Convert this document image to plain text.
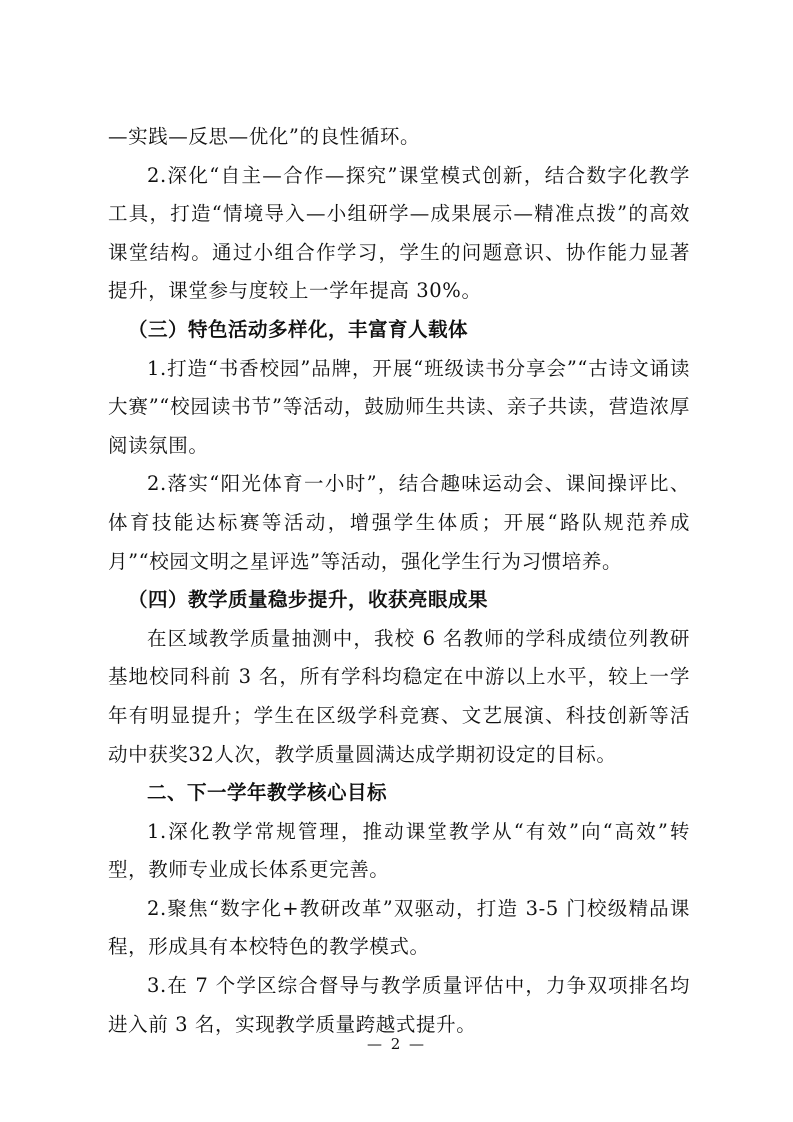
—实践—反思—优化”的良性循环。

2.深化“自主—合作—探究”课堂模式创新，结合数字化教学工具，打造“情境导入—小组研学—成果展示—精准点拨”的高效课堂结构。通过小组合作学习，学生的问题意识、协作能力显著提升，课堂参与度较上一学年提高 30%。

（三）特色活动多样化，丰富育人载体

1.打造“书香校园”品牌，开展“班级读书分享会”“古诗文诵读大赛”“校园读书节”等活动，鼓励师生共读、亲子共读，营造浓厚阅读氛围。

2.落实“阳光体育一小时”，结合趣味运动会、课间操评比、体育技能达标赛等活动，增强学生体质；开展“路队规范养成月”“校园文明之星评选”等活动，强化学生行为习惯培养。

（四）教学质量稳步提升，收获亮眼成果

在区域教学质量抽测中，我校 6 名教师的学科成绩位列教研基地校同科前 3 名，所有学科均稳定在中游以上水平，较上一学年有明显提升；学生在区级学科竞赛、文艺展演、科技创新等活动中获奖32人次，教学质量圆满达成学期初设定的目标。

二、下一学年教学核心目标

1.深化教学常规管理，推动课堂教学从“有效”向“高效”转型，教师专业成长体系更完善。

2.聚焦“数字化+教研改革”双驱动，打造 3-5 门校级精品课程，形成具有本校特色的教学模式。

3.在 7 个学区综合督导与教学质量评估中，力争双项排名均进入前 3 名，实现教学质量跨越式提升。

— 2 —
